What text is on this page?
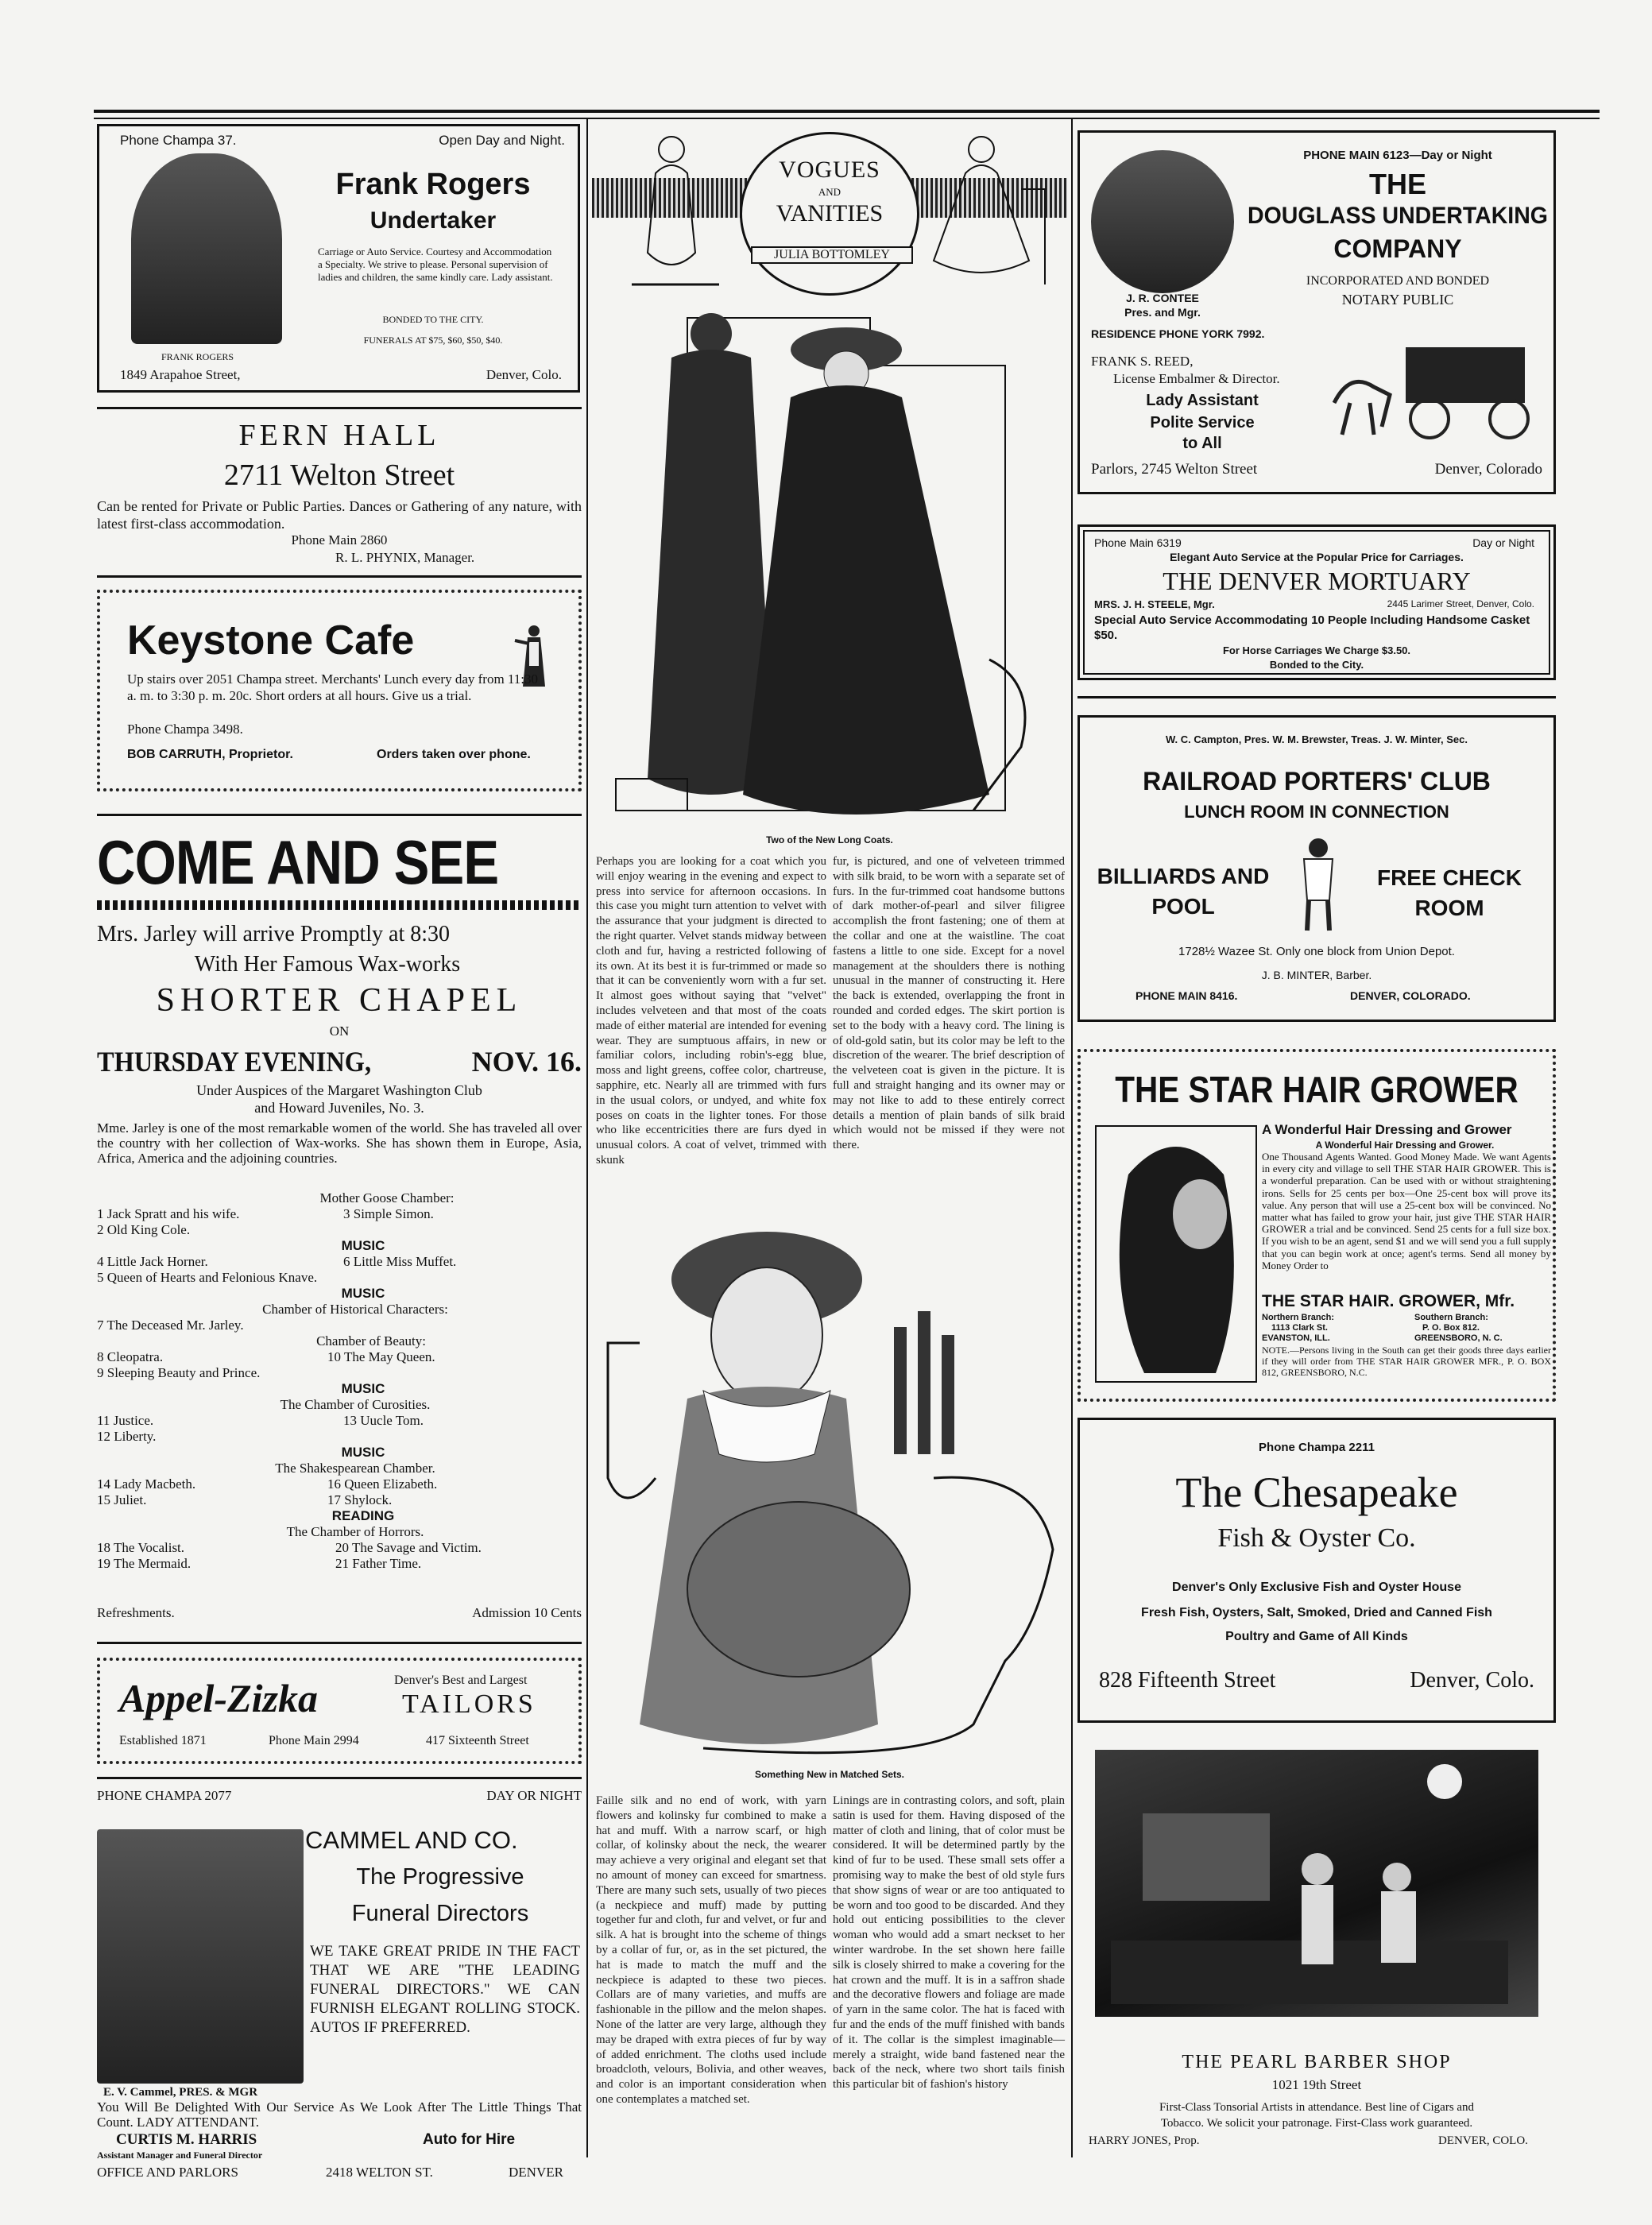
Phone Champa 37.	Open Day and Night.
FRANK ROGERS
Frank Rogers
Undertaker
Carriage or Auto Service. Courtesy and Accommodation a Specialty. We strive to please. Personal supervision of ladies and children, the same kindly care. Lady assistant.
BONDED TO THE CITY.
FUNERALS AT $75, $60, $50, $40.
1849 Arapahoe Street,	Denver, Colo.
FERN HALL
2711 Welton Street
Can be rented for Private or Public Parties. Dances or Gathering of any nature, with latest first-class accommodation.
Phone Main 2860
R. L. PHYNIX, Manager.
Keystone Cafe
Up stairs over 2051 Champa street. Merchants' Lunch every day from 11:30 a. m. to 3:30 p. m. 20c. Short orders at all hours. Give us a trial.
Phone Champa 3498.
BOB CARRUTH, Proprietor.	Orders taken over phone.
COME AND SEE
Mrs. Jarley will arrive Promptly at 8:30
With Her Famous Wax-works
SHORTER CHAPEL
ON
THURSDAY EVENING,	NOV. 16.
Under Auspices of the Margaret Washington Club
and Howard Juveniles, No. 3.
Mme. Jarley is one of the most remarkable women of the world. She has traveled all over the country with her collection of Wax-works. She has shown them in Europe, Asia, Africa, America and the adjoining countries.
Mother Goose Chamber:
1 Jack Spratt and his wife.	3 Simple Simon.
2 Old King Cole.
MUSIC
4 Little Jack Horner.	6 Little Miss Muffet.
5 Queen of Hearts and Felonious Knave.
MUSIC
Chamber of Historical Characters:
7 The Deceased Mr. Jarley.
Chamber of Beauty:
8 Cleopatra.	10 The May Queen.
9 Sleeping Beauty and Prince.
MUSIC
The Chamber of Curosities.
11 Justice.	13 Uucle Tom.
12 Liberty.
MUSIC
The Shakespearean Chamber.
14 Lady Macbeth.	16 Queen Elizabeth.
15 Juliet.	17 Shylock.
READING
The Chamber of Horrors.
18 The Vocalist.	20 The Savage and Victim.
19 The Mermaid.	21 Father Time.
Refreshments.	Admission 10 Cents
Appel-Zizka	Denver's Best and Largest
TAILORS
Established 1871	Phone Main 2994	417 Sixteenth Street
PHONE CHAMPA 2077	DAY OR NIGHT
CAMMEL AND CO.
The Progressive
Funeral Directors
WE TAKE GREAT PRIDE IN THE FACT THAT WE ARE "THE LEADING FUNERAL DIRECTORS." WE CAN FURNISH ELEGANT ROLLING STOCK. AUTOS IF PREFERRED.
E. V. Cammel, PRES. & MGR
You Will Be Delighted With Our Service As We Look After The Little Things That Count. LADY ATTENDANT.
CURTIS M. HARRIS	Auto for Hire
Assistant Manager and Funeral Director
OFFICE AND PARLORS	2418 WELTON ST.	DENVER
VOGUES
AND
VANITIES
JULIA BOTTOMLEY
Two of the New Long Coats.
Perhaps you are looking for a coat which you will enjoy wearing in the evening and expect to press into service for afternoon occasions. In this case you might turn attention to velvet with the assurance that your judgment is directed to the right quarter. Velvet stands midway between cloth and fur, having a restricted following of its own. At its best it is fur-trimmed or made so that it can be conveniently worn with a fur set. It almost goes without saying that "velvet" includes velveteen and that most of the coats made of either material are intended for evening wear. They are sumptuous affairs, in new or familiar colors, including robin's-egg blue, moss and light greens, coffee color, chartreuse, sapphire, etc. Nearly all are trimmed with furs in the usual colors, or undyed, and white fox poses on coats in the lighter tones. For those who like eccentricities there are furs dyed in unusual colors. A coat of velvet, trimmed with skunk
fur, is pictured, and one of velveteen trimmed with silk braid, to be worn with a separate set of furs. In the fur-trimmed coat handsome buttons of dark mother-of-pearl and silver filigree accomplish the front fastening; one of them at the collar and one at the waistline. The coat fastens a little to one side. Except for a novel management at the shoulders there is nothing unusual in the manner of constructing it. Here the back is extended, overlapping the front in rounded and corded edges. The skirt portion is set to the body with a heavy cord. The lining is of old-gold satin, but its color may be left to the discretion of the wearer. The brief description of the velveteen coat is given in the picture. It is full and straight hanging and its owner may or may not like to add to these entirely correct details a mention of plain bands of silk braid which would not be missed if they were not there.
Something New in Matched Sets.
Faille silk and no end of work, with yarn flowers and kolinsky fur combined to make a hat and muff. With a narrow scarf, or high collar, of kolinsky about the neck, the wearer may achieve a very original and elegant set that no amount of money can exceed for smartness. There are many such sets, usually of two pieces (a neckpiece and muff) made by putting together fur and cloth, fur and velvet, or fur and silk. A hat is brought into the scheme of things by a collar of fur, or, as in the set pictured, the hat is made to match the muff and the neckpiece is adapted to these two pieces. Collars are of many varieties, and muffs are fashionable in the pillow and the melon shapes. None of the latter are very large, although they may be draped with extra pieces of fur by way of added enrichment. The cloths used include broadcloth, velours, Bolivia, and other weaves, and color is an important consideration when one contemplates a matched set.
Linings are in contrasting colors, and soft, plain satin is used for them. Having disposed of the matter of cloth and lining, that of color must be considered. It will be determined partly by the kind of fur to be used. These small sets offer a promising way to make the best of old style furs that show signs of wear or are too antiquated to be worn and too good to be discarded. And they hold out enticing possibilities to the clever woman who would add a smart neckset to her winter wardrobe. In the set shown here faille silk is closely shirred to make a covering for the hat crown and the muff. It is in a saffron shade and the decorative flowers and foliage are made of yarn in the same color. The hat is faced with fur and the ends of the muff finished with bands of it. The collar is the simplest imaginable—merely a straight, wide band fastened near the back of the neck, where two short tails finish this particular bit of fashion's history
J. R. CONTEE
Pres. and Mgr.
PHONE MAIN 6123—Day or Night
THE
DOUGLASS UNDERTAKING
COMPANY
INCORPORATED AND BONDED
NOTARY PUBLIC
RESIDENCE PHONE YORK 7992.
FRANK S. REED,
License Embalmer & Director.
Lady Assistant
Polite Service
to All
Parlors, 2745 Welton Street	Denver, Colorado
Phone Main 6319	Day or Night
Elegant Auto Service at the Popular Price for Carriages.
THE DENVER MORTUARY
MRS. J. H. STEELE, Mgr.	2445 Larimer Street, Denver, Colo.
Special Auto Service Accommodating 10 People Including Handsome Casket $50.
For Horse Carriages We Charge $3.50.
Bonded to the City.
W. C. Campton, Pres. W. M. Brewster, Treas. J. W. Minter, Sec.
RAILROAD PORTERS' CLUB
LUNCH ROOM IN CONNECTION
BILLIARDS AND
POOL
FREE CHECK
ROOM
1728½ Wazee St. Only one block from Union Depot.
J. B. MINTER, Barber.
PHONE MAIN 8416.	DENVER, COLORADO.
THE STAR HAIR GROWER
A Wonderful Hair Dressing and Grower
A Wonderful Hair Dressing and Grower.
One Thousand Agents Wanted. Good Money Made. We want Agents in every city and village to sell THE STAR HAIR GROWER. This is a wonderful preparation. Can be used with or without straightening irons. Sells for 25 cents per box—One 25-cent box will prove its value. Any person that will use a 25-cent box will be convinced. No matter what has failed to grow your hair, just give THE STAR HAIR GROWER a trial and be convinced. Send 25 cents for a full size box. If you wish to be an agent, send $1 and we will send you a full supply that you can begin work at once; agent's terms. Send all money by Money Order to
THE STAR HAIR. GROWER, Mfr.
Northern Branch:
1113 Clark St.
EVANSTON, ILL.
Southern Branch:
P. O. Box 812.
GREENSBORO, N. C.
NOTE.—Persons living in the South can get their goods three days earlier if they will order from THE STAR HAIR GROWER MFR., P. O. BOX 812, GREENSBORO, N.C.
Phone Champa 2211
The Chesapeake
Fish & Oyster Co.
Denver's Only Exclusive Fish and Oyster House
Fresh Fish, Oysters, Salt, Smoked, Dried and Canned Fish
Poultry and Game of All Kinds
828 Fifteenth Street	Denver, Colo.
THE PEARL BARBER SHOP
1021 19th Street
First-Class Tonsorial Artists in attendance. Best line of Cigars and
Tobacco. We solicit your patronage. First-Class work guaranteed.
HARRY JONES, Prop.	DENVER, COLO.
